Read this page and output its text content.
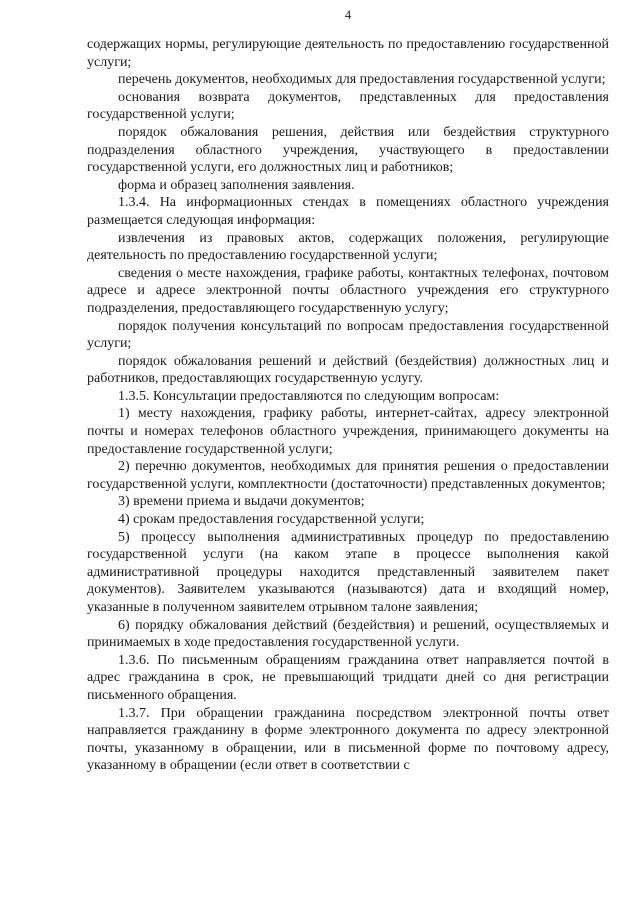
4

содержащих нормы, регулирующие деятельность по предоставлению государственной услуги;

перечень документов, необходимых для предоставления государственной услуги;

основания возврата документов, представленных для предоставления государственной услуги;

порядок обжалования решения, действия или бездействия структурного подразделения областного учреждения, участвующего в предоставлении государственной услуги, его должностных лиц и работников;

форма и образец заполнения заявления.

1.3.4. На информационных стендах в помещениях областного учреждения размещается следующая информация:

извлечения из правовых актов, содержащих положения, регулирующие деятельность по предоставлению государственной услуги;

сведения о месте нахождения, графике работы, контактных телефонах, почтовом адресе и адресе электронной почты областного учреждения его структурного подразделения, предоставляющего государственную услугу;

порядок получения консультаций по вопросам предоставления государственной услуги;

порядок обжалования решений и действий (бездействия) должностных лиц и работников, предоставляющих государственную услугу.

1.3.5. Консультации предоставляются по следующим вопросам:

1) месту нахождения, графику работы, интернет-сайтах, адресу электронной почты и номерах телефонов областного учреждения, принимающего документы на предоставление государственной услуги;

2) перечню документов, необходимых для принятия решения о предоставлении государственной услуги, комплектности (достаточности) представленных документов;

3) времени приема и выдачи документов;

4) срокам предоставления государственной услуги;

5) процессу выполнения административных процедур по предоставлению государственной услуги (на каком этапе в процессе выполнения какой административной процедуры находится представленный заявителем пакет документов). Заявителем указываются (называются) дата и входящий номер, указанные в полученном заявителем отрывном талоне заявления;

6) порядку обжалования действий (бездействия) и решений, осуществляемых и принимаемых в ходе предоставления государственной услуги.

1.3.6. По письменным обращениям гражданина ответ направляется почтой в адрес гражданина в срок, не превышающий тридцати дней со дня регистрации письменного обращения.

1.3.7. При обращении гражданина посредством электронной почты ответ направляется гражданину в форме электронного документа по адресу электронной почты, указанному в обращении, или в письменной форме по почтовому адресу, указанному в обращении (если ответ в соответствии с
